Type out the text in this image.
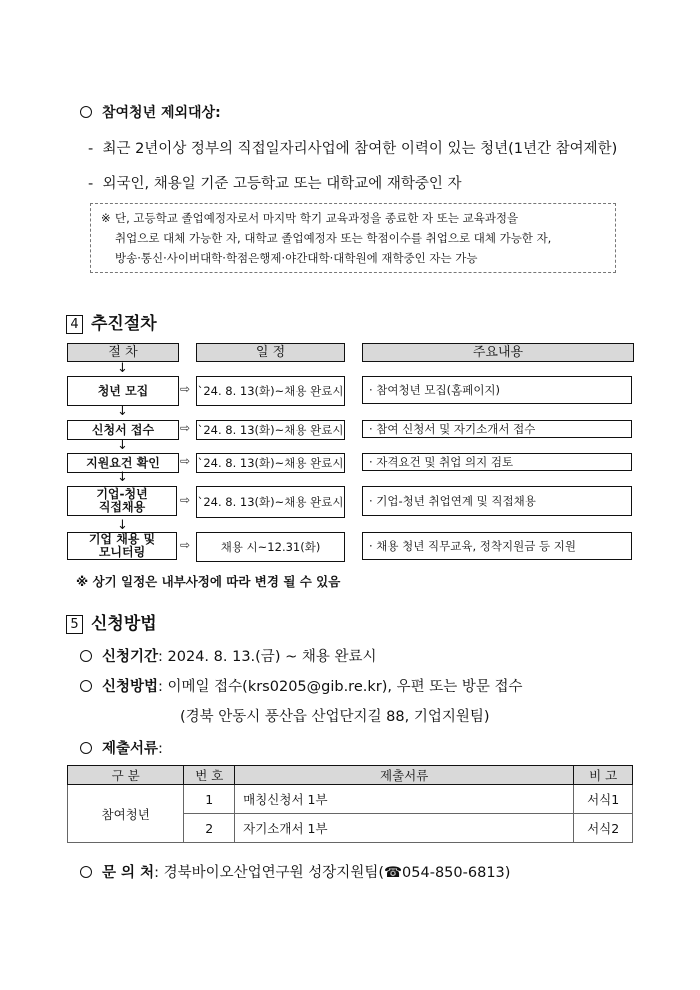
참여청년 제외대상:
-  최근 2년이상 정부의 직접일자리사업에 참여한 이력이 있는 청년(1년간 참여제한)
-  외국인, 채용일 기준 고등학교 또는 대학교에 재학중인 자
※ 단, 고등학교 졸업예정자로서 마지막 학기 교육과정을 종료한 자 또는 교육과정을
취업으로 대체 가능한 자, 대학교 졸업예정자 또는 학점이수를 취업으로 대체 가능한 자,
방송·통신·사이버대학·학점은행제·야간대학·대학원에 재학중인 자는 가능
4 추진절차
절 차	일 정	주요내용
↓
↓
↓
↓
↓
청년 모집	⇨ `24. 8. 13(화)~채용 완료시	· 참여청년 모집(홈페이지)
신청서 접수	⇨ `24. 8. 13(화)~채용 완료시	· 참여 신청서 및 자기소개서 접수
지원요건 확인	⇨ `24. 8. 13(화)~채용 완료시	· 자격요건 및 취업 의지 검토
기업-청년 직접채용	⇨ `24. 8. 13(화)~채용 완료시	· 기업-청년 취업연계 및 직접채용
기업 채용 및 모니터링	⇨	채용 시~12.31(화)	· 채용 청년 직무교육, 정착지원금 등 지원
※ 상기 일정은 내부사정에 따라 변경 될 수 있음
5 신청방법
신청기간: 2024. 8. 13.(금) ~ 채용 완료시
신청방법: 이메일 접수(krs0205@gib.re.kr), 우편 또는 방문 접수
(경북 안동시 풍산읍 산업단지길 88, 기업지원팀)
제출서류:
구 분	번 호	제출서류	비 고
참여청년	1	매칭신청서 1부	서식1
	2	자기소개서 1부	서식2
문 의 처: 경북바이오산업연구원 성장지원팀(☎054-850-6813)
